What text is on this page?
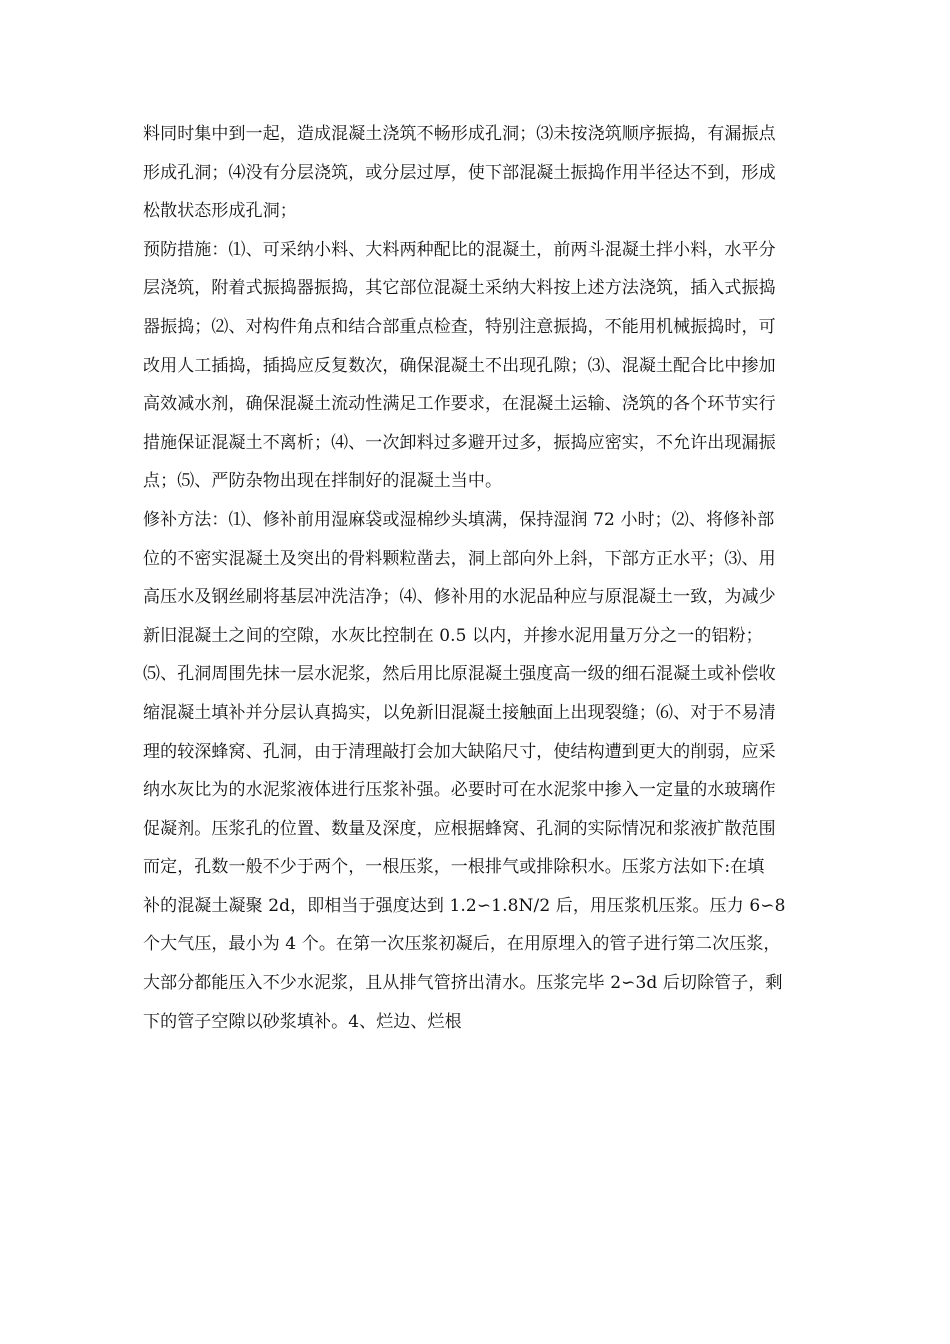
料同时集中到一起，造成混凝土浇筑不畅形成孔洞；⑶未按浇筑顺序振捣，有漏振点
形成孔洞；⑷没有分层浇筑，或分层过厚，使下部混凝土振捣作用半径达不到，形成
松散状态形成孔洞；
预防措施：⑴、可采纳小料、大料两种配比的混凝土，前两斗混凝土拌小料，水平分
层浇筑，附着式振捣器振捣，其它部位混凝土采纳大料按上述方法浇筑，插入式振捣
器振捣；⑵、对构件角点和结合部重点检查，特别注意振捣，不能用机械振捣时，可
改用人工插捣，插捣应反复数次，确保混凝土不出现孔隙；⑶、混凝土配合比中掺加
高效减水剂，确保混凝土流动性满足工作要求，在混凝土运输、浇筑的各个环节实行
措施保证混凝土不离析；⑷、一次卸料过多避开过多，振捣应密实，不允许出现漏振
点；⑸、严防杂物出现在拌制好的混凝土当中。
修补方法：⑴、修补前用湿麻袋或湿棉纱头填满，保持湿润 72 小时；⑵、将修补部
位的不密实混凝土及突出的骨料颗粒凿去，洞上部向外上斜，下部方正水平；⑶、用
高压水及钢丝刷将基层冲洗洁净；⑷、修补用的水泥品种应与原混凝土一致，为减少
新旧混凝土之间的空隙，水灰比控制在 0.5 以内，并掺水泥用量万分之一的铝粉；
⑸、孔洞周围先抹一层水泥浆，然后用比原混凝土强度高一级的细石混凝土或补偿收
缩混凝土填补并分层认真捣实，以免新旧混凝土接触面上出现裂缝；⑹、对于不易清
理的较深蜂窝、孔洞，由于清理敲打会加大缺陷尺寸，使结构遭到更大的削弱，应采
纳水灰比为的水泥浆液体进行压浆补强。必要时可在水泥浆中掺入一定量的水玻璃作
促凝剂。压浆孔的位置、数量及深度，应根据蜂窝、孔洞的实际情况和浆液扩散范围
而定，孔数一般不少于两个，一根压浆，一根排气或排除积水。压浆方法如下:在填
补的混凝土凝聚 2d，即相当于强度达到 1.2∽1.8N/2 后，用压浆机压浆。压力 6∽8
个大气压，最小为 4 个。在第一次压浆初凝后，在用原埋入的管子进行第二次压浆，
大部分都能压入不少水泥浆，且从排气管挤出清水。压浆完毕 2∽3d 后切除管子，剩
下的管子空隙以砂浆填补。4、烂边、烂根
